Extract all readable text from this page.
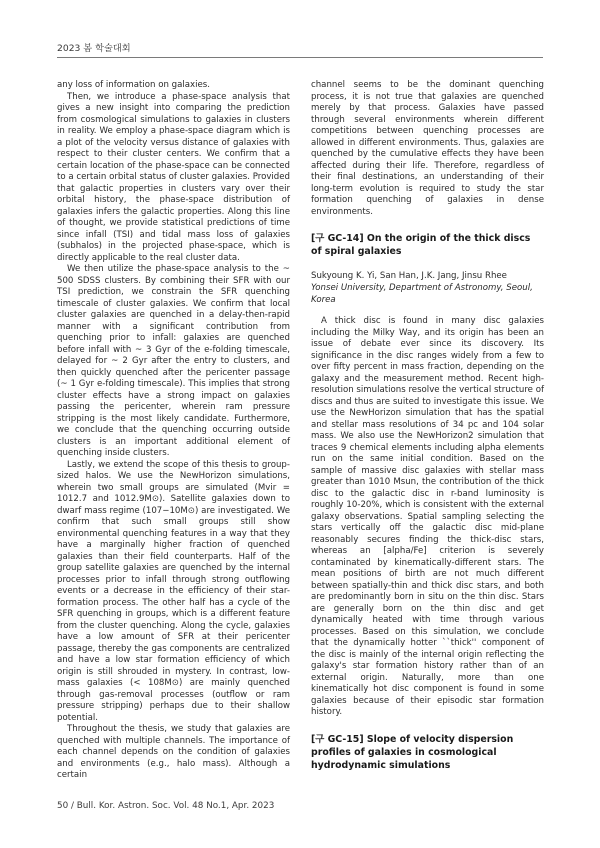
2023 봄 학술대회

any loss of information on galaxies.

Then, we introduce a phase-space analysis that gives a new insight into comparing the prediction from cosmological simulations to galaxies in clusters in reality. We employ a phase-space diagram which is a plot of the velocity versus distance of galaxies with respect to their cluster centers. We confirm that a certain location of the phase-space can be connected to a certain orbital status of cluster galaxies. Provided that galactic properties in clusters vary over their orbital history, the phase-space distribution of galaxies infers the galactic properties. Along this line of thought, we provide statistical predictions of time since infall (TSI) and tidal mass loss of galaxies (subhalos) in the projected phase-space, which is directly applicable to the real cluster data.

We then utilize the phase-space analysis to the ~ 500 SDSS clusters. By combining their SFR with our TSI prediction, we constrain the SFR quenching timescale of cluster galaxies. We confirm that local cluster galaxies are quenched in a delay-then-rapid manner with a significant contribution from quenching prior to infall: galaxies are quenched before infall with ~ 3 Gyr of the e-folding timescale, delayed for ~ 2 Gyr after the entry to clusters, and then quickly quenched after the pericenter passage (~ 1 Gyr e-folding timescale). This implies that strong cluster effects have a strong impact on galaxies passing the pericenter, wherein ram pressure stripping is the most likely candidate. Furthermore, we conclude that the quenching occurring outside clusters is an important additional element of quenching inside clusters.

Lastly, we extend the scope of this thesis to group-sized halos. We use the NewHorizon simulations, wherein two small groups are simulated (Mvir = 1012.7 and 1012.9M⊙). Satellite galaxies down to dwarf mass regime (107−10M⊙) are investigated. We confirm that such small groups still show environmental quenching features in a way that they have a marginally higher fraction of quenched galaxies than their field counterparts. Half of the group satellite galaxies are quenched by the internal processes prior to infall through strong outflowing events or a decrease in the efficiency of their star-formation process. The other half has a cycle of the SFR quenching in groups, which is a different feature from the cluster quenching. Along the cycle, galaxies have a low amount of SFR at their pericenter passage, thereby the gas components are centralized and have a low star formation efficiency of which origin is still shrouded in mystery. In contrast, low-mass galaxies (< 108M⊙) are mainly quenched through gas-removal processes (outflow or ram pressure stripping) perhaps due to their shallow potential.

Throughout the thesis, we study that galaxies are quenched with multiple channels. The importance of each channel depends on the condition of galaxies and environments (e.g., halo mass). Although a certain

channel seems to be the dominant quenching process, it is not true that galaxies are quenched merely by that process. Galaxies have passed through several environments wherein different competitions between quenching processes are allowed in different environments. Thus, galaxies are quenched by the cumulative effects they have been affected during their life. Therefore, regardless of their final destinations, an understanding of their long-term evolution is required to study the star formation quenching of galaxies in dense environments.

[구 GC-14] On the origin of the thick discs of spiral galaxies
Sukyoung K. Yi, San Han, J.K. Jang, Jinsu Rhee
Yonsei University, Department of Astronomy, Seoul, Korea

A thick disc is found in many disc galaxies including the Milky Way, and its origin has been an issue of debate ever since its discovery. Its significance in the disc ranges widely from a few to over fifty percent in mass fraction, depending on the galaxy and the measurement method. Recent high-resolution simulations resolve the vertical structure of discs and thus are suited to investigate this issue. We use the NewHorizon simulation that has the spatial and stellar mass resolutions of 34 pc and 104 solar mass. We also use the NewHorizon2 simulation that traces 9 chemical elements including alpha elements run on the same initial condition. Based on the sample of massive disc galaxies with stellar mass greater than 1010 Msun, the contribution of the thick disc to the galactic disc in r-band luminosity is roughly 10-20%, which is consistent with the external galaxy observations. Spatial sampling selecting the stars vertically off the galactic disc mid-plane reasonably secures finding the thick-disc stars, whereas an [alpha/Fe] criterion is severely contaminated by kinematically-different stars. The mean positions of birth are not much different between spatially-thin and thick disc stars, and both are predominantly born in situ on the thin disc. Stars are generally born on the thin disc and get dynamically heated with time through various processes. Based on this simulation, we conclude that the dynamically hotter ``thick'' component of the disc is mainly of the internal origin reflecting the galaxy's star formation history rather than of an external origin. Naturally, more than one kinematically hot disc component is found in some galaxies because of their episodic star formation history.

[구 GC-15] Slope of velocity dispersion profiles of galaxies in cosmological hydrodynamic simulations
50 / Bull. Kor. Astron. Soc. Vol. 48 No.1, Apr. 2023
